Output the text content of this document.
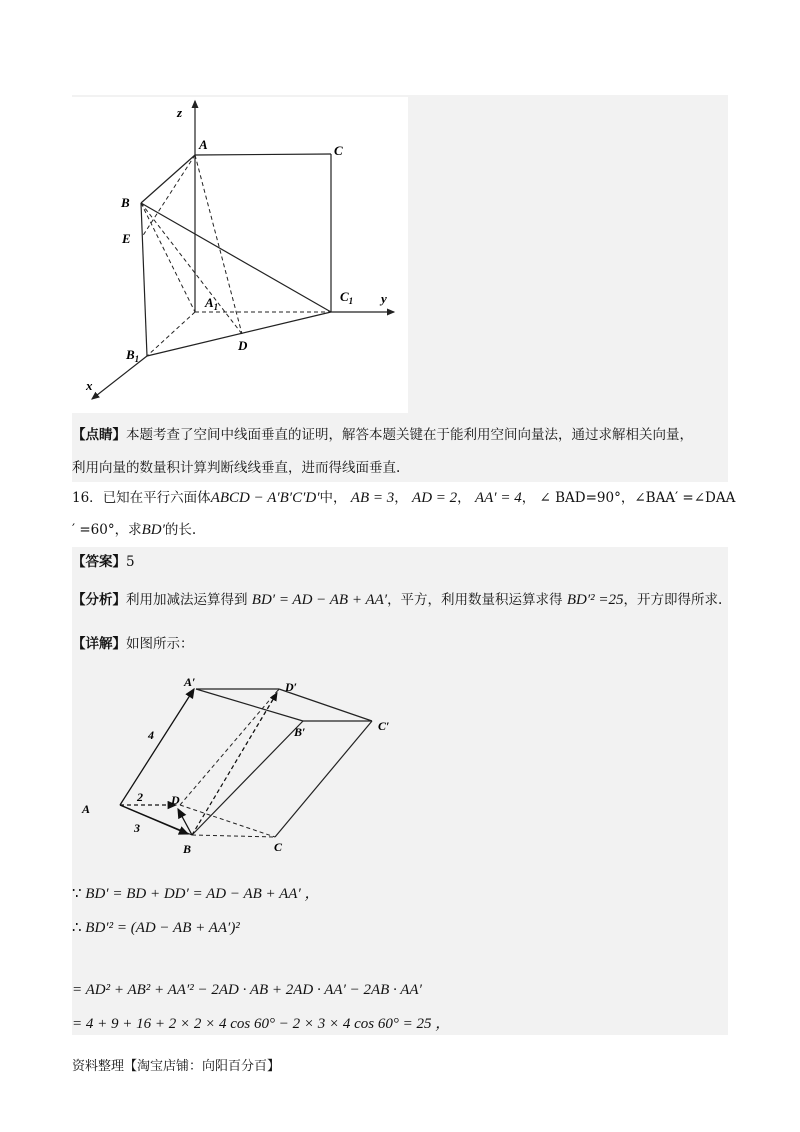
z
A	C
B
E
$A_1$
$C_1$ y
$B_1$
D
x
【点睛】本题考查了空间中线面垂直的证明，解答本题关键在于能利用空间向量法，通过求解相关向量，
利用向量的数量积计算判断线线垂直，进而得线面垂直.
16．已知在平行六面体ABCD − A′B′C′D′中， AB = 3， AD = 2， AA′ = 4， ∠ BAD=90°，∠BAA′ =∠DAA
′ =60°，求BD′的长.
【答案】5
【分析】利用加减法运算得到 BD′ = AD − AB + AA′，平方，利用数量积运算求得 BD′² =25，开方即得所求.
【详解】如图所示：
A′	D′
B′	C′
A
D
B	C
4
2
3
∵ BD′ = BD + DD′ = AD − AB + AA′ ，
∴ BD′² = (AD − AB + AA′)²
= AD² + AB² + AA′² − 2AD · AB + 2AD · AA′ − 2AB · AA′
= 4 + 9 + 16 + 2 × 2 × 4 cos 60° − 2 × 3 × 4 cos 60° = 25 ，
资料整理【淘宝店铺：向阳百分百】
